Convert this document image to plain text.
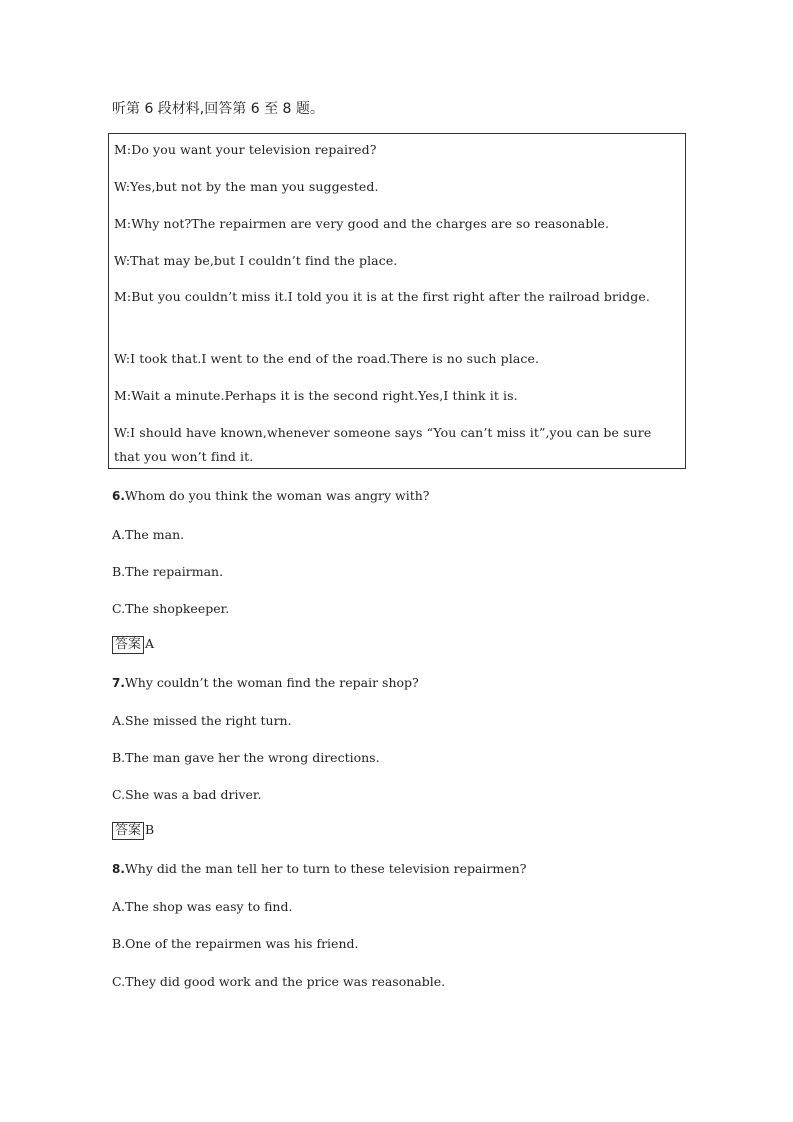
听第 6 段材料,回答第 6 至 8 题。
M:Do you want your television repaired?
W:Yes,but not by the man you suggested.
M:Why not?The repairmen are very good and the charges are so reasonable.
W:That may be,but I couldn’t find the place.
M:But you couldn’t miss it.I told you it is at the first right after the railroad bridge.
W:I took that.I went to the end of the road.There is no such place.
M:Wait a minute.Perhaps it is the second right.Yes,I think it is.
W:I should have known,whenever someone says “You can’t miss it”,you can be sure that you won’t find it.
6.Whom do you think the woman was angry with?
A.The man.
B.The repairman.
C.The shopkeeper.
答案 A
7.Why couldn’t the woman find the repair shop?
A.She missed the right turn.
B.The man gave her the wrong directions.
C.She was a bad driver.
答案 B
8.Why did the man tell her to turn to these television repairmen?
A.The shop was easy to find.
B.One of the repairmen was his friend.
C.They did good work and the price was reasonable.
